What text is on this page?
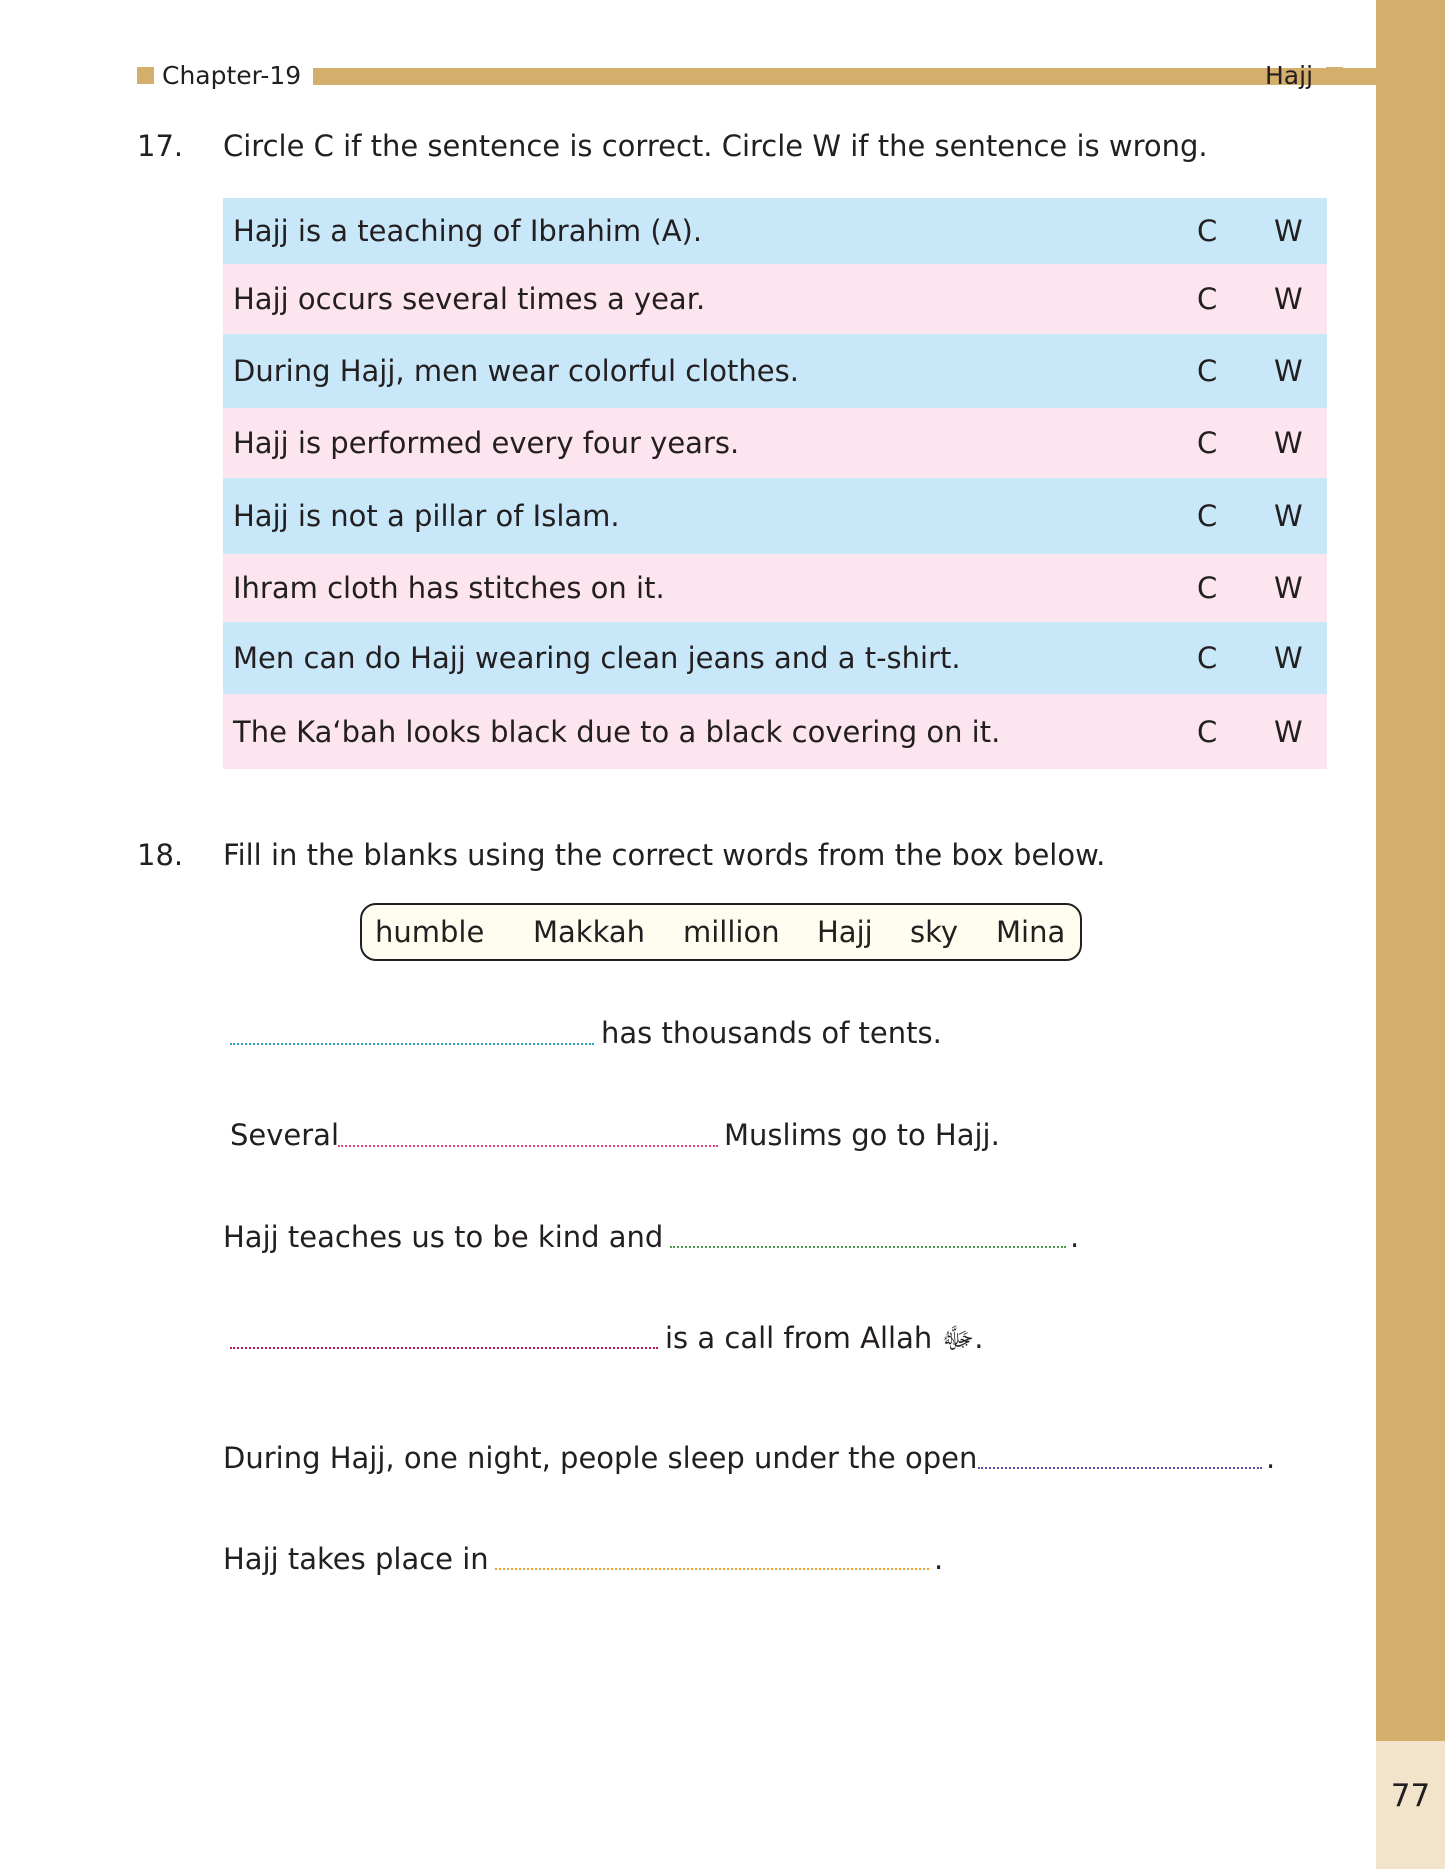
77
Chapter-19	Hajj
17. Circle C if the sentence is correct. Circle W if the sentence is wrong.
Hajj is a teaching of Ibrahim (A).	C W
Hajj occurs several times a year.	C W
During Hajj, men wear colorful clothes.	C W
Hajj is performed every four years.	C W
Hajj is not a pillar of Islam.	C W
Ihram cloth has stitches on it.	C W
Men can do Hajj wearing clean jeans and a t-shirt.	C W
The Ka‘bah looks black due to a black covering on it.	C W
18. Fill in the blanks using the correct words from the box below.
humble Makkah million Hajj sky Mina
has thousands of tents.
Several	Muslims go to Hajj.
Hajj teaches us to be kind and	.
is a call from Allah ﷻ.
During Hajj, one night, people sleep under the open	.
Hajj takes place in	.
